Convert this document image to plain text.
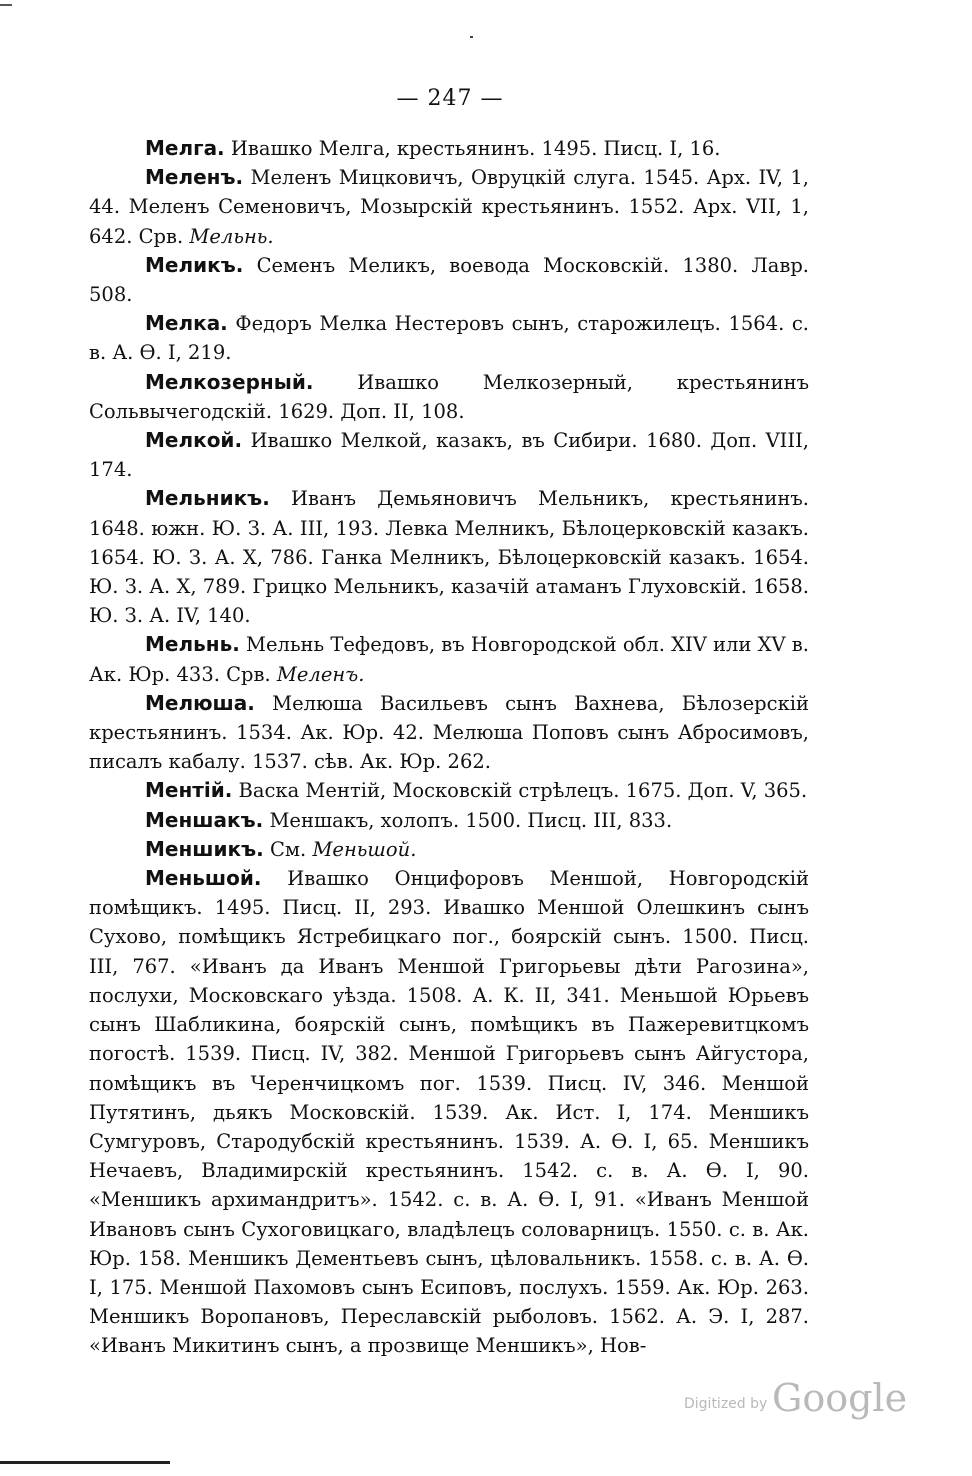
— 247 —

Мелга. Ивашко Мелга, крестьянинъ. 1495. Писц. I, 16.

Меленъ. Меленъ Мицковичъ, Овруцкій слуга. 1545. Арх. IV, 1, 44. Меленъ Семеновичъ, Мозырскій крестьянинъ. 1552. Арх. VII, 1, 642. Срв. Мельнь.

Меликъ. Семенъ Меликъ, воевода Московскій. 1380. Лавр. 508.

Мелка. Федоръ Мелка Нестеровъ сынъ, старожилецъ. 1564. с. в. А. Ѳ. I, 219.

Мелкозерный. Ивашко Мелкозерный, крестьянинъ Сольвычегодскій. 1629. Доп. II, 108.

Мелкой. Ивашко Мелкой, казакъ, въ Сибири. 1680. Доп. VIII, 174.

Мельникъ. Иванъ Демьяновичъ Мельникъ, крестьянинъ. 1648. южн. Ю. З. А. III, 193. Левка Мелникъ, Бѣлоцерковскій казакъ. 1654. Ю. З. А. X, 786. Ганка Мелникъ, Бѣлоцерковскій казакъ. 1654. Ю. З. А. X, 789. Грицко Мельникъ, казачій атаманъ Глуховскій. 1658. Ю. З. А. IV, 140.

Мельнь. Мельнь Тефедовъ, въ Новгородской обл. XIV или XV в. Ак. Юр. 433. Срв. Меленъ.

Мелюша. Мелюша Васильевъ сынъ Вахнева, Бѣлозерскій крестьянинъ. 1534. Ак. Юр. 42. Мелюша Поповъ сынъ Абросимовъ, писалъ кабалу. 1537. сѣв. Ак. Юр. 262.

Ментій. Васка Ментій, Московскій стрѣлецъ. 1675. Доп. V, 365.

Меншакъ. Меншакъ, холопъ. 1500. Писц. III, 833.

Меншикъ. См. Меньшой.

Меньшой. Ивашко Онцифоровъ Меншой, Новгородскій помѣщикъ. 1495. Писц. II, 293. Ивашко Меншой Олешкинъ сынъ Сухово, помѣщикъ Ястребицкаго пог., боярскій сынъ. 1500. Писц. III, 767. «Иванъ да Иванъ Меншой Григорьевы дѣти Рагозина», послухи, Московскаго уѣзда. 1508. А. К. II, 341. Меньшой Юрьевъ сынъ Шабликина, боярскій сынъ, помѣщикъ въ Пажеревитцкомъ погостѣ. 1539. Писц. IV, 382. Меншой Григорьевъ сынъ Айгустора, помѣщикъ въ Черенчицкомъ пог. 1539. Писц. IV, 346. Меншой Путятинъ, дьякъ Московскій. 1539. Ак. Ист. I, 174. Меншикъ Сумгуровъ, Стародубскій крестьянинъ. 1539. А. Ѳ. I, 65. Меншикъ Нечаевъ, Владимирскій крестьянинъ. 1542. с. в. А. Ѳ. I, 90. «Меншикъ архимандритъ». 1542. с. в. А. Ѳ. I, 91. «Иванъ Меншой Ивановъ сынъ Сухоговицкаго, владѣлецъ соловарницъ. 1550. с. в. Ак. Юр. 158. Меншикъ Дементьевъ сынъ, цѣловальникъ. 1558. с. в. А. Ѳ. I, 175. Меншой Пахомовъ сынъ Есиповъ, послухъ. 1559. Ак. Юр. 263. Меншикъ Воропановъ, Переславскій рыболовъ. 1562. А. Э. I, 287. «Иванъ Микитинъ сынъ, а прозвище Меншикъ», Нов-

Digitized by Google
